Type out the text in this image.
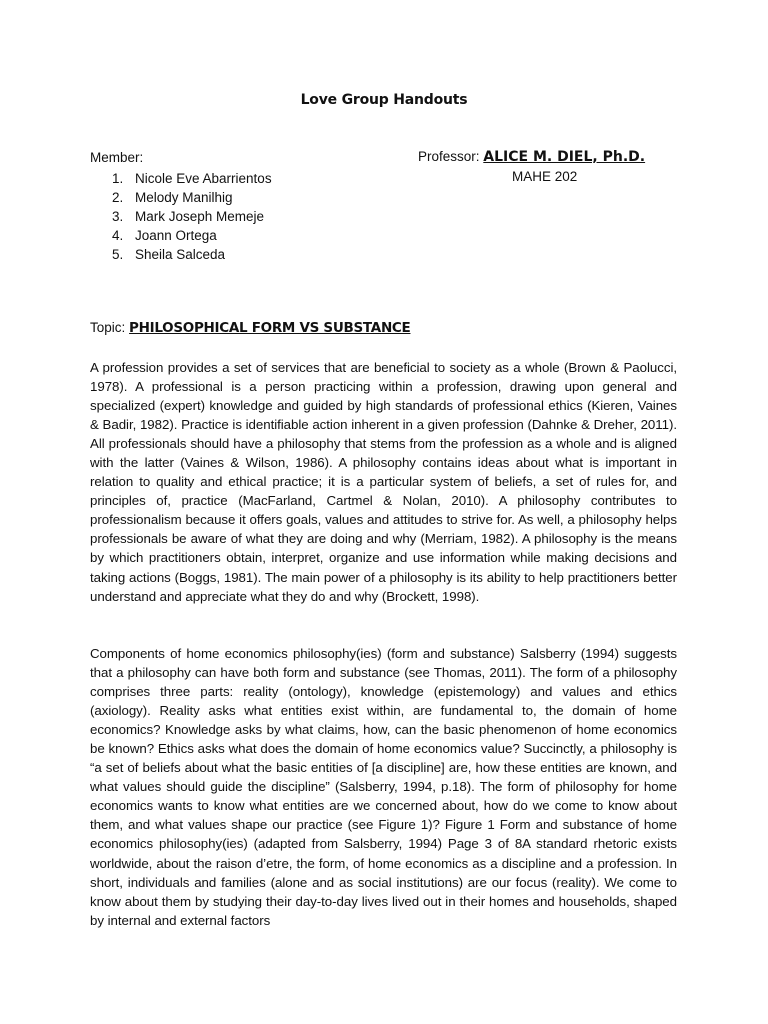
Love Group Handouts
Member:
1. Nicole Eve Abarrientos
2. Melody Manilhig
3. Mark Joseph Memeje
4. Joann Ortega
5. Sheila Salceda
Professor: ALICE M. DIEL, Ph.D.
MAHE 202
Topic: PHILOSOPHICAL FORM VS SUBSTANCE

A profession provides a set of services that are beneficial to society as a whole (Brown & Paolucci, 1978). A professional is a person practicing within a profession, drawing upon general and specialized (expert) knowledge and guided by high standards of professional ethics (Kieren, Vaines & Badir, 1982). Practice is identifiable action inherent in a given profession (Dahnke & Dreher, 2011). All professionals should have a philosophy that stems from the profession as a whole and is aligned with the latter (Vaines & Wilson, 1986). A philosophy contains ideas about what is important in relation to quality and ethical practice; it is a particular system of beliefs, a set of rules for, and principles of, practice (MacFarland, Cartmel & Nolan, 2010). A philosophy contributes to professionalism because it offers goals, values and attitudes to strive for. As well, a philosophy helps professionals be aware of what they are doing and why (Merriam, 1982). A philosophy is the means by which practitioners obtain, interpret, organize and use information while making decisions and taking actions (Boggs, 1981). The main power of a philosophy is its ability to help practitioners better understand and appreciate what they do and why (Brockett, 1998).

Components of home economics philosophy(ies) (form and substance) Salsberry (1994) suggests that a philosophy can have both form and substance (see Thomas, 2011). The form of a philosophy comprises three parts: reality (ontology), knowledge (epistemology) and values and ethics (axiology). Reality asks what entities exist within, are fundamental to, the domain of home economics? Knowledge asks by what claims, how, can the basic phenomenon of home economics be known? Ethics asks what does the domain of home economics value? Succinctly, a philosophy is “a set of beliefs about what the basic entities of [a discipline] are, how these entities are known, and what values should guide the discipline” (Salsberry, 1994, p.18). The form of philosophy for home economics wants to know what entities are we concerned about, how do we come to know about them, and what values shape our practice (see Figure 1)? Figure 1 Form and substance of home economics philosophy(ies) (adapted from Salsberry, 1994) Page 3 of 8A standard rhetoric exists worldwide, about the raison d’etre, the form, of home economics as a discipline and a profession. In short, individuals and families (alone and as social institutions) are our focus (reality). We come to know about them by studying their day-to-day lives lived out in their homes and households, shaped by internal and external factors
